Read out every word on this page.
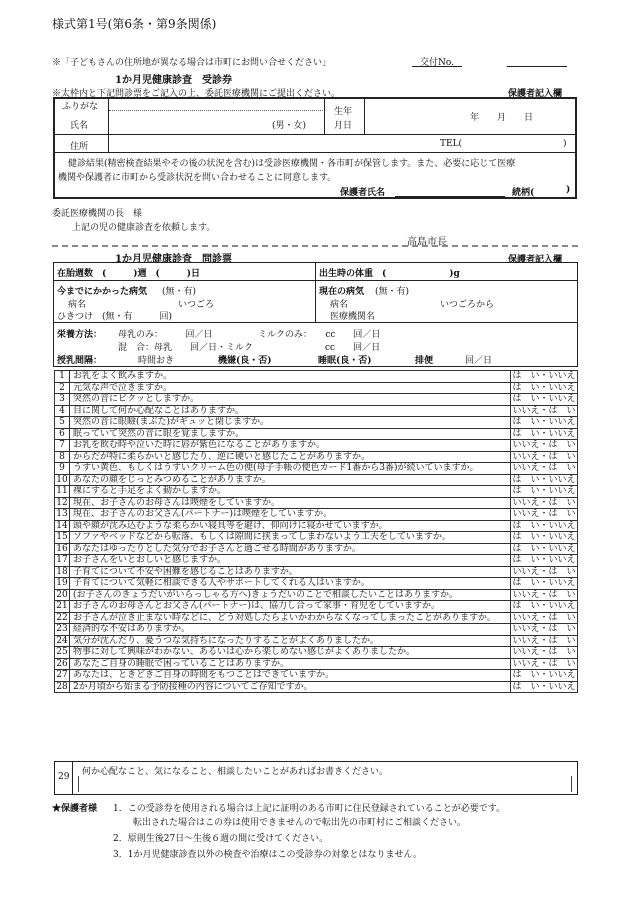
様式第1号(第6条・第9条関係)
※「子どもさんの住所地が異なる場合は市町にお問い合せください」	交付No.
1か月児健康診査　受診券
※太枠内と下記問診票をご記入の上、委託医療機関にご提出ください。	保護者記入欄
ふりがな
氏名	(男・女)
生年
月日
年　　月　　日
住所	TEL(	)
健診結果(精密検査結果やその後の状況を含む)は受診医療機関・各市町が保管します。また、必要に応じて医療
機関や保護者に市町から受診状況を問い合わせることに同意します。
保護者氏名	続柄(	)
委託医療機関の長　様
上記の児の健康診査を依頼します。
高島市長
1か月児健康診査　問診票	保護者記入欄
在胎週数　(　　　)週　(　　　)日	出生時の体重　(　　　　　　　)g
今までにかかった病気 (無・有)
病名	いつごろ
ひきつけ　(無・有　　　回)
現在の病気 (無・有)
病名	いつごろから
医療機関名
栄養方法： 母乳のみ：　　　回／日	ミルクのみ：　　cc　　回／日
混　合：母乳　　回／日・ミルク	cc　　回／日
授乳間隔：	時間おき	機嫌(良・否)	睡眠(良・否)	排便	回／日
1	お乳をよく飲みますか。	は　い・いいえ
2	元気な声で泣きますか。	は　い・いいえ
3	突然の音にビクッとしますか。	は　い・いいえ
4	目に関して何か心配なことはありますか。	いいえ・は　い
5	突然の音に眼瞼(まぶた)がギュッと閉じますか。	は　い・いいえ
6	眠っていて突然の音に眼を覚ましますか。	は　い・いいえ
7	お乳を飲む時や泣いた時に唇が紫色になることがありますか。	いいえ・は　い
8	からだが特に柔らかいと感じたり、逆に硬いと感じたことがありますか。	いいえ・は　い
9	うすい黄色、もしくはうすいクリーム色の便(母子手帳の便色カード1番から3番)が続いていますか。	いいえ・は　い
10	あなたの顔をじっとみつめることがありますか。	は　い・いいえ
11	裸にすると手足をよく動かしますか。	は　い・いいえ
12	現在、お子さんのお母さんは喫煙をしていますか。	いいえ・は　い
13	現在、お子さんのお父さん(パートナー)は喫煙をしていますか。	いいえ・は　い
14	頭や顔が沈み込むような柔らかい寝具等を避け、仰向けに寝かせていますか。	は　い・いいえ
15	ソファやベッドなどから転落、もしくは隙間に挟まってしまわないよう工夫をしていますか。	は　い・いいえ
16	あなたはゆったりとした気分でお子さんと過ごせる時間がありますか。	は　い・いいえ
17	お子さんをいとおしいと感じますか。	は　い・いいえ
18	子育てについて不安や困難を感じることはありますか。	いいえ・は　い
19	子育てについて気軽に相談できる人やサポートしてくれる人はいますか。	は　い・いいえ
20	(お子さんのきょうだいがいらっしゃる方へ)きょうだいのことで相談したいことはありますか。	いいえ・は　い
21	お子さんのお母さんとお父さん(パートナー)は、協力し合って家事・育児をしていますか。	は　い・いいえ
22	お子さんが泣き止まない時などに、どう対処したらよいかわからなくなってしまったことがありますか。	いいえ・は　い
23	経済的な不安はありますか。	いいえ・は　い
24	気分が沈んだり、憂うつな気持ちになったりすることがよくありましたか。	いいえ・は　い
25	物事に対して興味がわかない、あるいは心から楽しめない感じがよくありましたか。	いいえ・は　い
26	あなたご自身の睡眠で困っていることはありますか。	いいえ・は　い
27	あなたは、ときどきご自身の時間をもつことはできていますか。	は　い・いいえ
28	2か月頃から始まる予防接種の内容についてご存知ですか。	は　い・いいえ
29 何か心配なこと、気になること、相談したいことがあればお書きください。
★保護者様 1．この受診券を使用される場合は上記に証明のある市町に住民登録されていることが必要です。
転出された場合はこの券は使用できませんので転出先の市町村にご相談ください。
2．原則生後27日～生後６週の間に受けてください。
3．1か月児健康診査以外の検査や治療はこの受診券の対象とはなりません。
